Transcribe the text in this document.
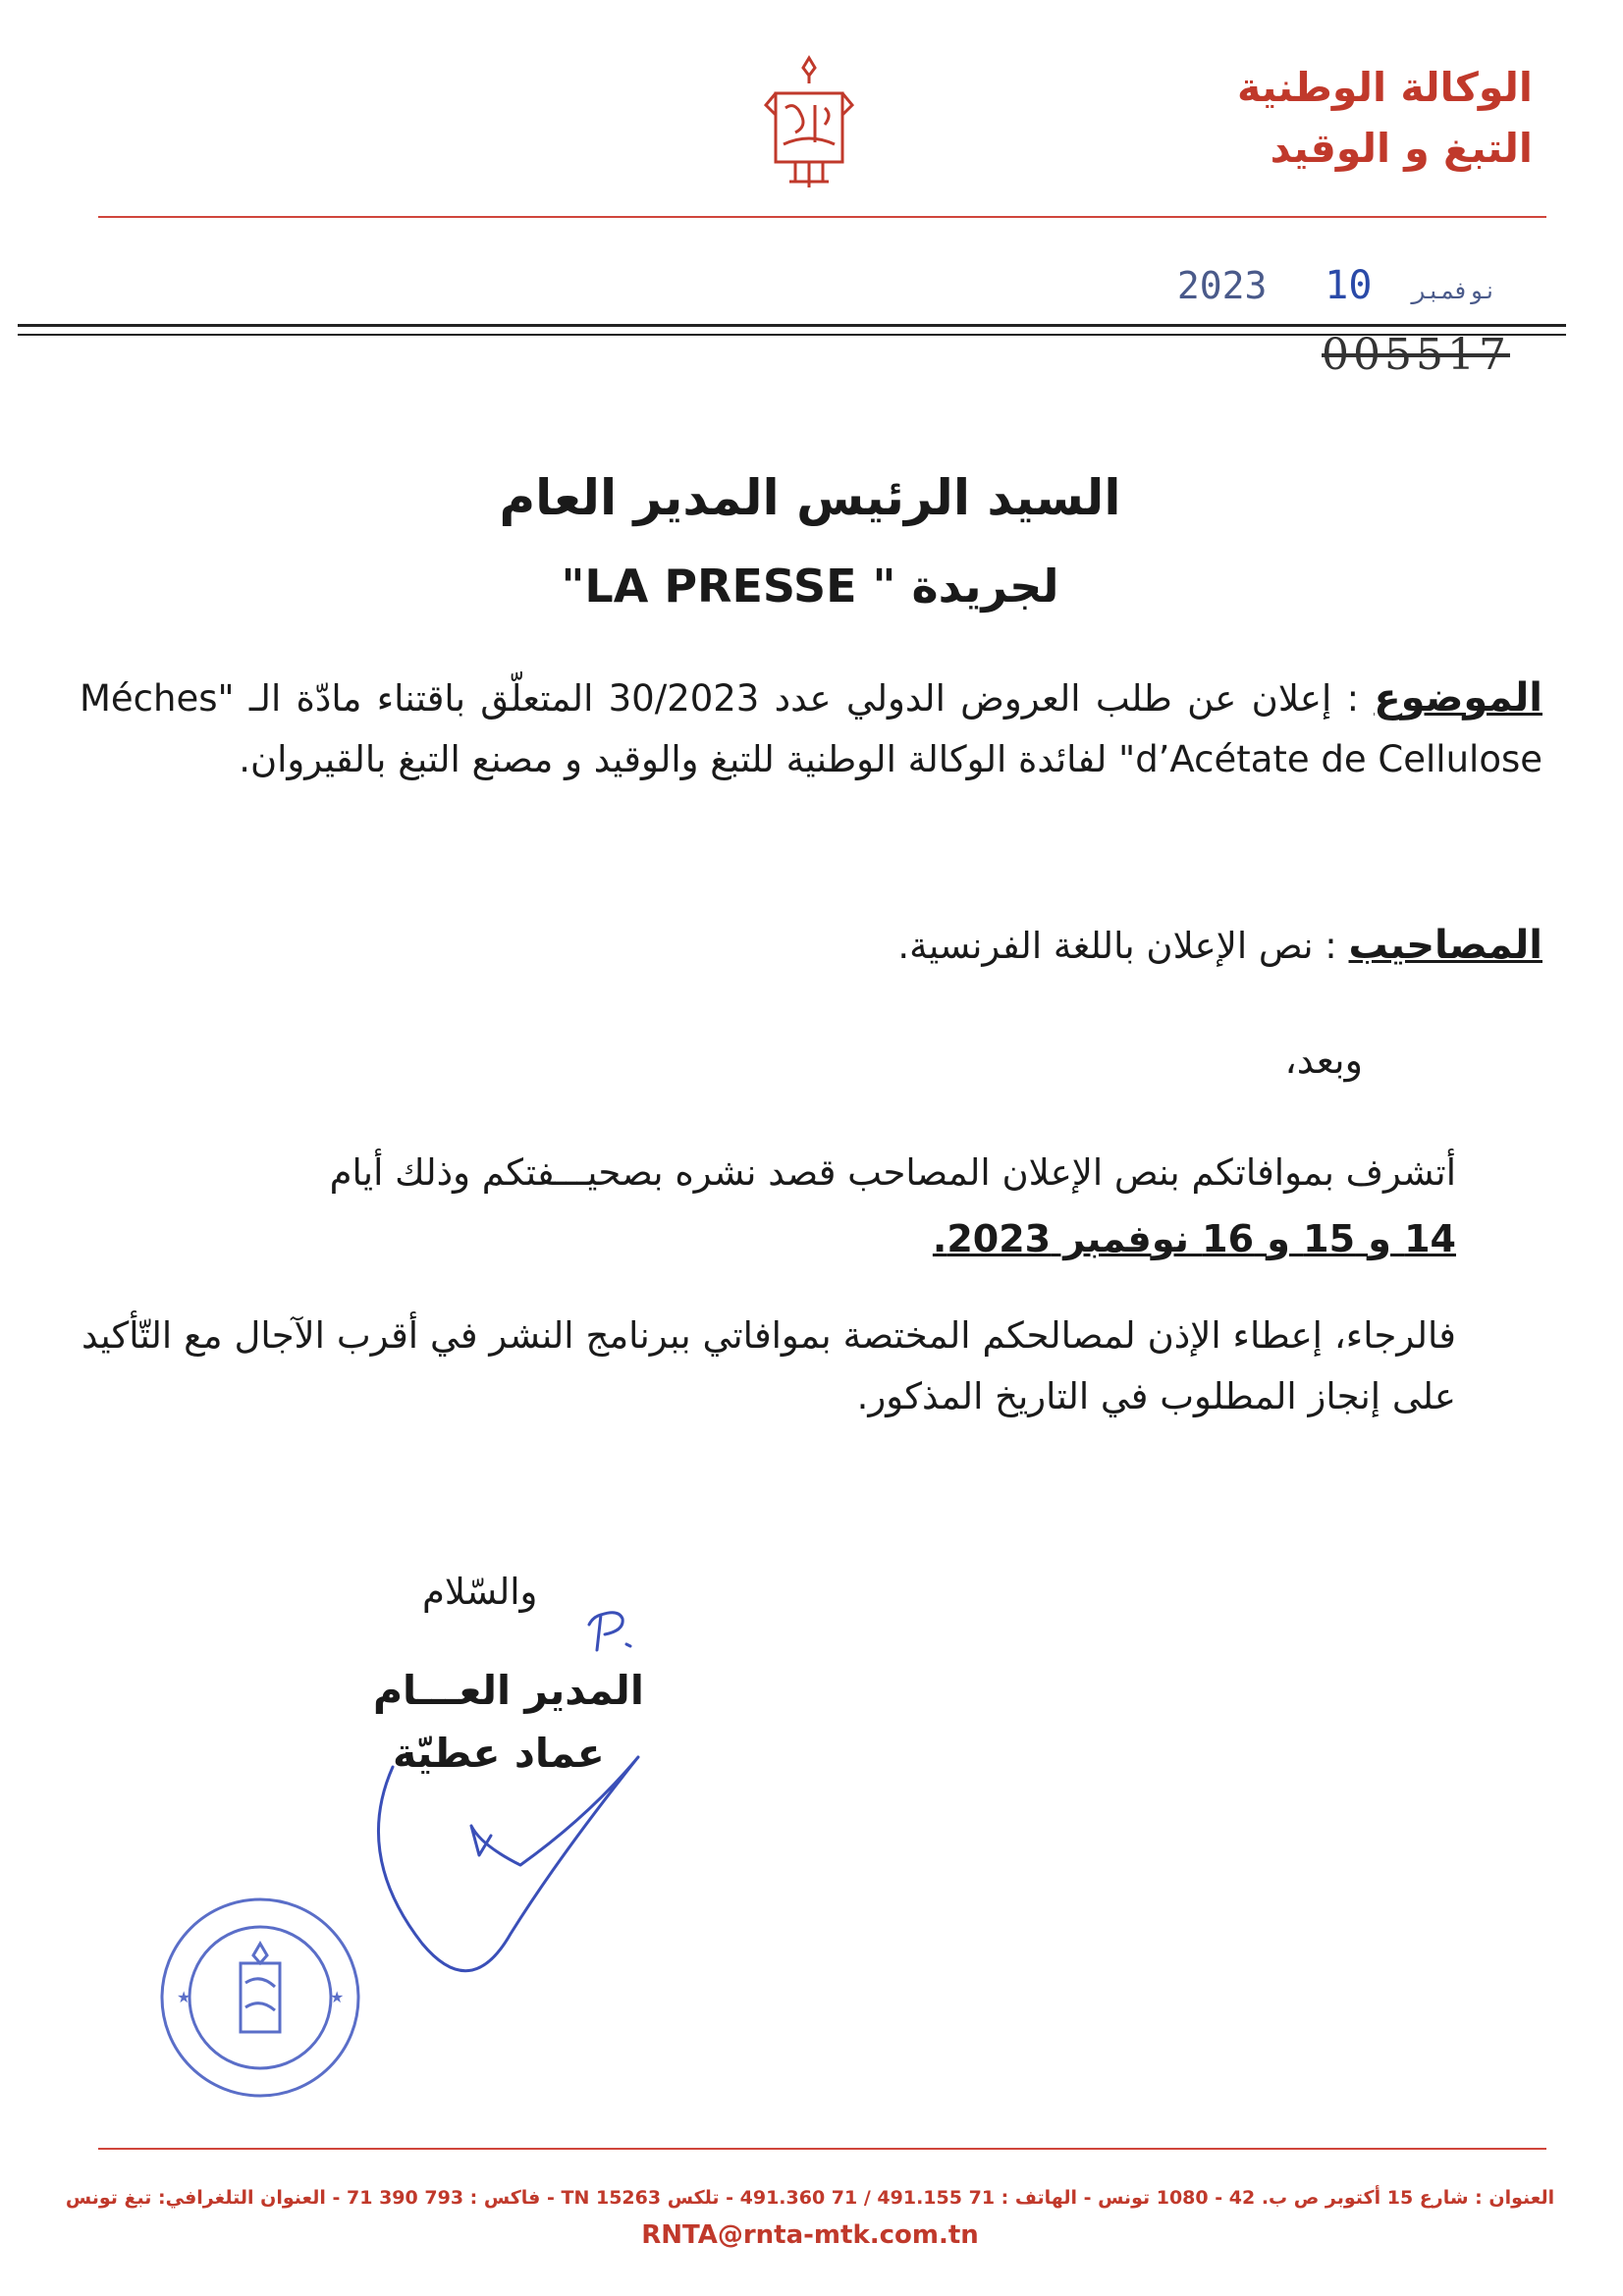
الوكالة الوطنية
التبغ و الوقيد
2023	نوفمبر 10
005517
السيد الرئيس المدير العام
لجريدة " LA PRESSE"
الموضوع : إعلان عن طلب العروض الدولي عدد 30/2023 المتعلّق باقتناء مادّة الـ "Méches d’Acétate de Cellulose" لفائدة الوكالة الوطنية للتبغ والوقيد و مصنع التبغ بالقيروان.
المصاحيب : نص الإعلان باللغة الفرنسية.
وبعد،
أتشرف بموافاتكم بنص الإعلان المصاحب قصد نشره بصحيـــفتكم وذلك أيام
14 و 15 و 16 نوفمبر 2023.
فالرجاء، إعطاء الإذن لمصالحكم المختصة بموافاتي ببرنامج النشر في أقرب الآجال مع التّأكيد على إنجاز المطلوب في التاريخ المذكور.
والسّلام
المدير العـــام
عماد عطيّة
★	★
العنوان : شارع 15 أكتوبر ص ب. 42 - 1080 تونس - الهاتف : 71 491.155 / 71 491.360 - تلكس 15263 TN - فاكس : 793 390 71 - العنوان التلغرافي: تبغ تونس
RNTA@rnta-mtk.com.tn
